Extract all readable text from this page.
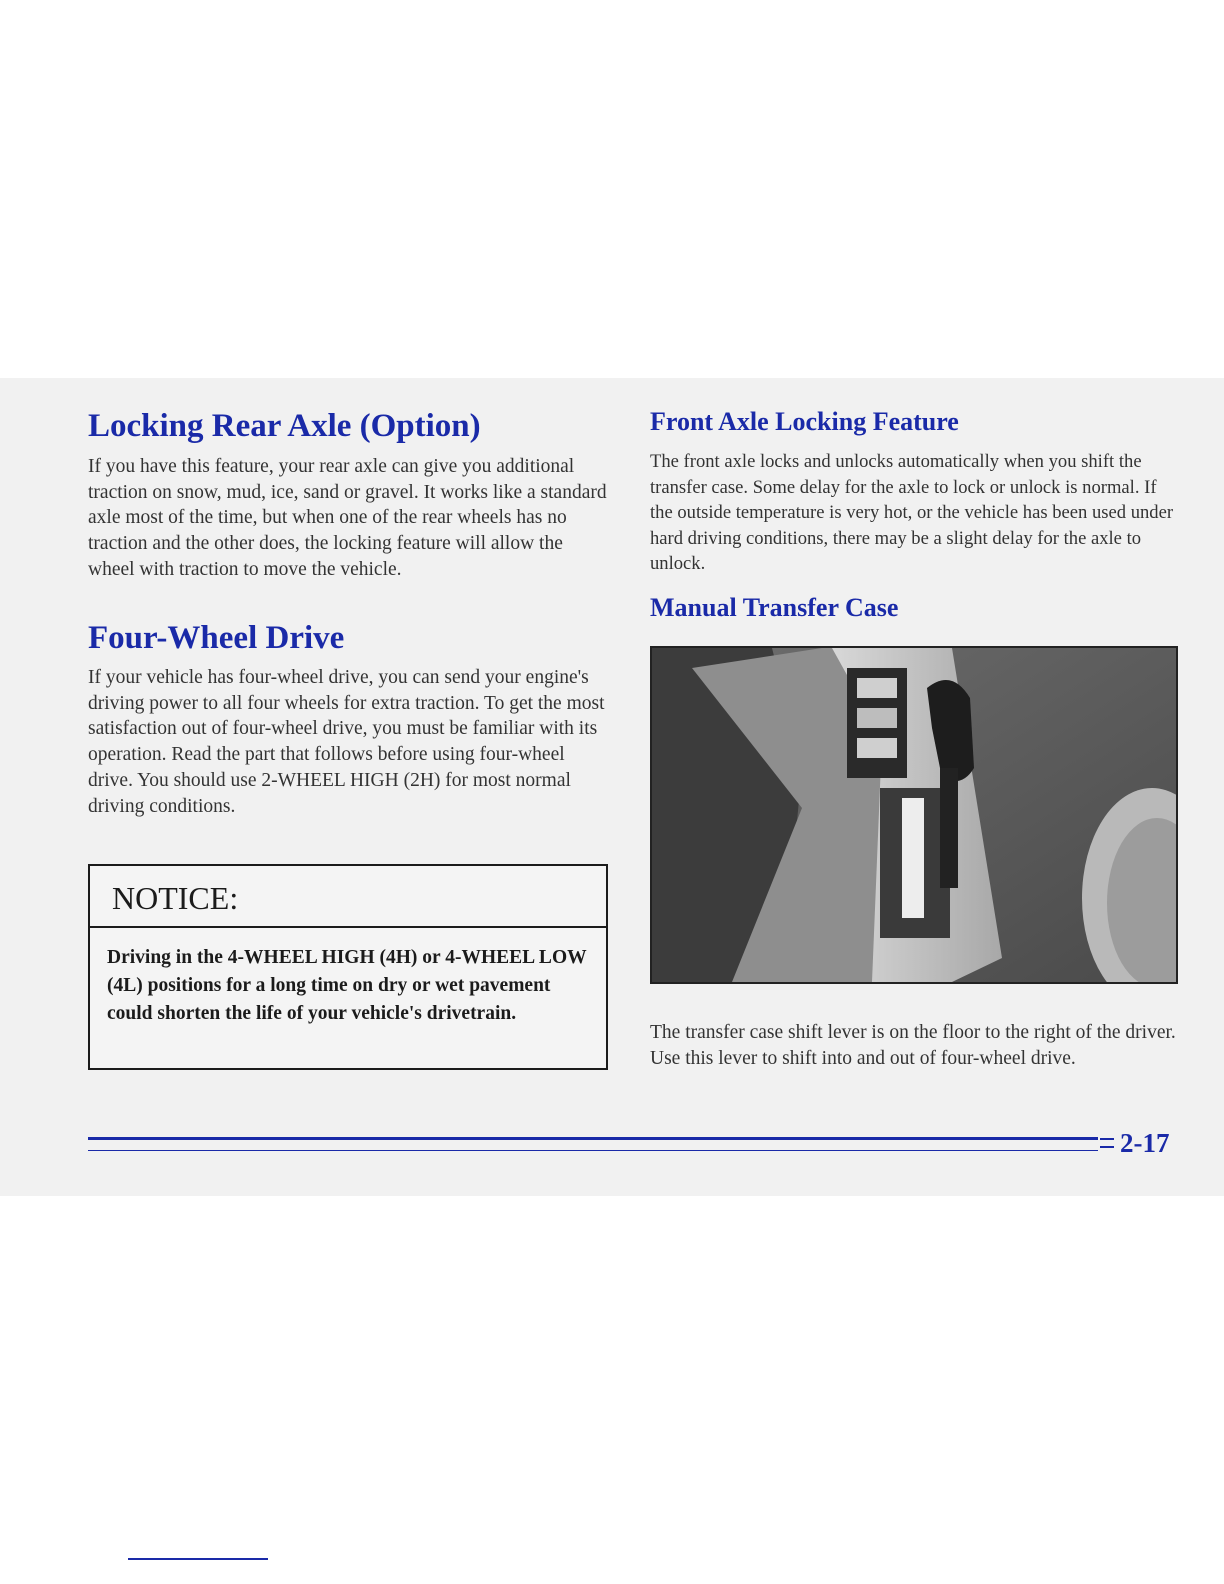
Locking Rear Axle (Option)

If you have this feature, your rear axle can give you additional traction on snow, mud, ice, sand or gravel. It works like a standard axle most of the time, but when one of the rear wheels has no traction and the other does, the locking feature will allow the wheel with traction to move the vehicle.

Four-Wheel Drive

If your vehicle has four-wheel drive, you can send your engine's driving power to all four wheels for extra traction. To get the most satisfaction out of four-wheel drive, you must be familiar with its operation. Read the part that follows before using four-wheel drive. You should use 2-WHEEL HIGH (2H) for most normal driving conditions.

NOTICE:
Driving in the 4-WHEEL HIGH (4H) or 4-WHEEL LOW (4L) positions for a long time on dry or wet pavement could shorten the life of your vehicle's drivetrain.
Front Axle Locking Feature

The front axle locks and unlocks automatically when you shift the transfer case. Some delay for the axle to lock or unlock is normal. If the outside temperature is very hot, or the vehicle has been used under hard driving conditions, there may be a slight delay for the axle to unlock.

Manual Transfer Case

The transfer case shift lever is on the floor to the right of the driver. Use this lever to shift into and out of four-wheel drive.

2-17
